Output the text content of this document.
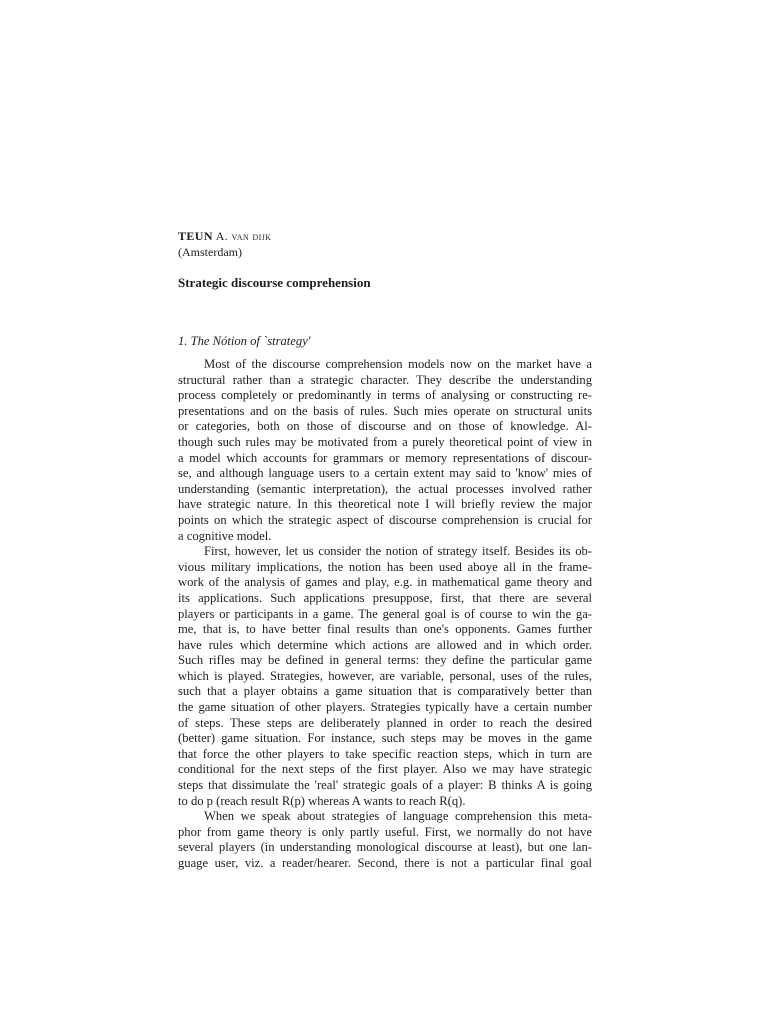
TEUN A. van dijk
(Amsterdam)
Strategic discourse comprehension
1. The Nótion of `strategy'
Most of the discourse comprehension models now on the market have a
structural rather than a strategic character. They describe the understanding
process completely or predominantly in terms of analysing or constructing re-
presentations and on the basis of rules. Such mies operate on structural units
or categories, both on those of discourse and on those of knowledge. Al-
though such rules may be motivated from a purely theoretical point of view in
a model which accounts for grammars or memory representations of discour-
se, and although language users to a certain extent may said to 'know' mies of
understanding (semantic interpretation), the actual processes involved rather
have strategic nature. In this theoretical note I will briefly review the major
points on which the strategic aspect of discourse comprehension is crucial for
a cognitive model.
First, however, let us consider the notion of strategy itself. Besides its ob-
vious military implications, the notion has been used aboye all in the frame-
work of the analysis of games and play, e.g. in mathematical game theory and
its applications. Such applications presuppose, first, that there are several
players or participants in a game. The general goal is of course to win the ga-
me, that is, to have better final results than one's opponents. Games further
have rules which determine which actions are allowed and in which order.
Such rifles may be defined in general terms: they define the particular game
which is played. Strategies, however, are variable, personal, uses of the rules,
such that a player obtains a game situation that is comparatively better than
the game situation of other players. Strategies typically have a certain number
of steps. These steps are deliberately planned in order to reach the desired
(better) game situation. For instance, such steps may be moves in the game
that force the other players to take specific reaction steps, which in turn are
conditional for the next steps of the first player. Also we may have strategic
steps that dissimulate the 'real' strategic goals of a player: B thinks A is going
to do p (reach result R(p) whereas A wants to reach R(q).
When we speak about strategies of language comprehension this meta-
phor from game theory is only partly useful. First, we normally do not have
several players (in understanding monological discourse at least), but one lan-
guage user, viz. a reader/hearer. Second, there is not a particular final goal
